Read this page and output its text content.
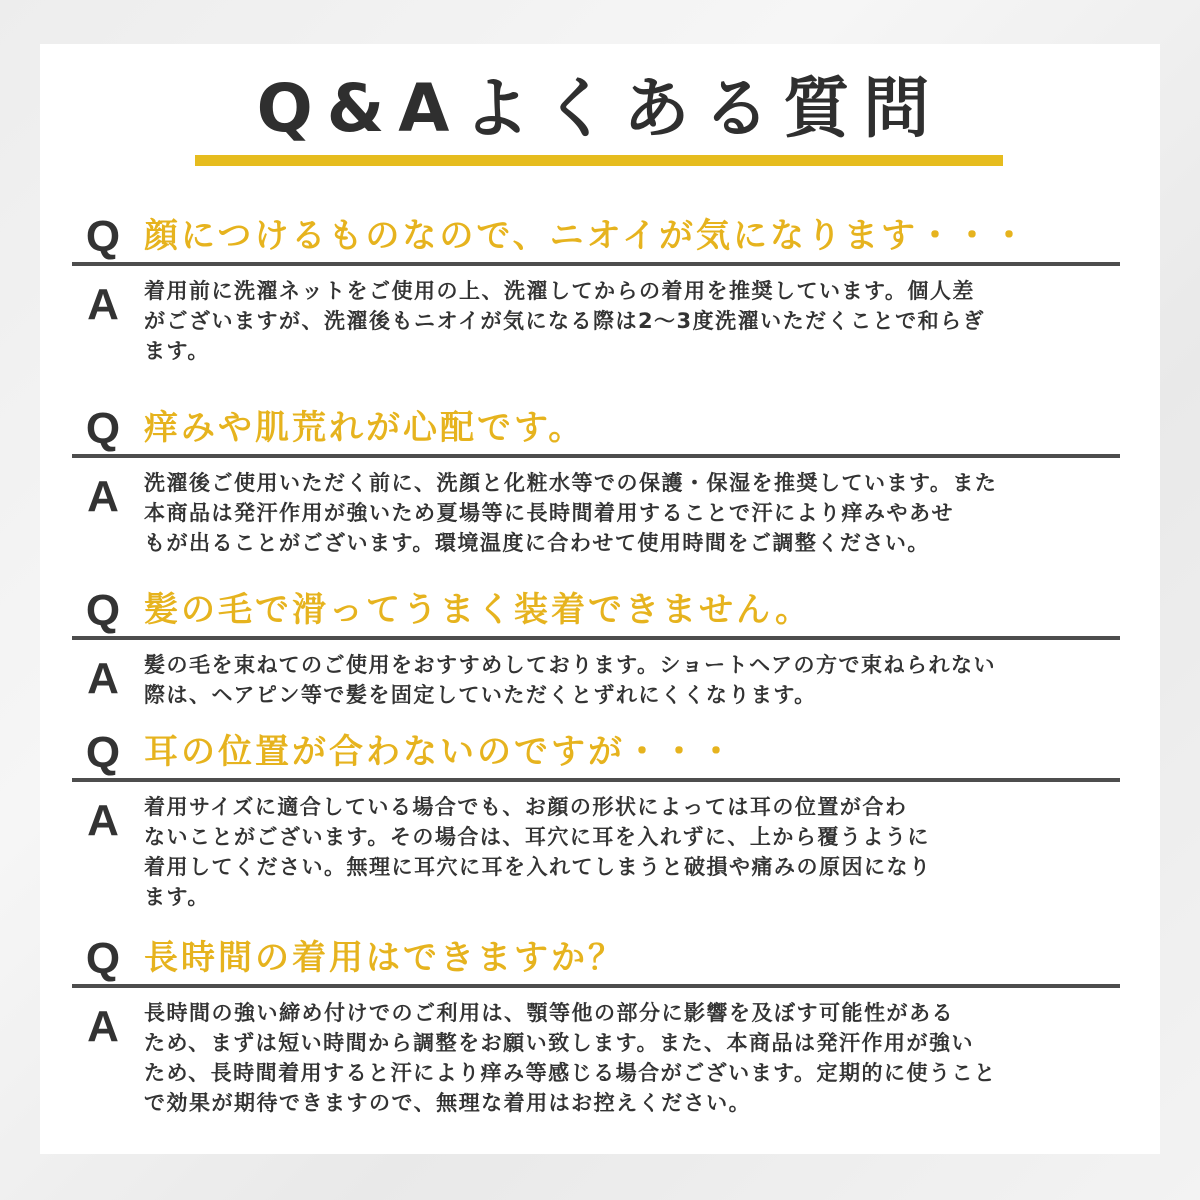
Q&Aよくある質問
Q 顔につけるものなので、ニオイが気になります・・・
A	着用前に洗濯ネットをご使用の上、洗濯してからの着用を推奨しています。個人差
がございますが、洗濯後もニオイが気になる際は2～3度洗濯いただくことで和らぎ
ます。

Q 痒みや肌荒れが心配です。
A	洗濯後ご使用いただく前に、洗顔と化粧水等での保護・保湿を推奨しています。また
本商品は発汗作用が強いため夏場等に長時間着用することで汗により痒みやあせ
もが出ることがございます。環境温度に合わせて使用時間をご調整ください。

Q 髪の毛で滑ってうまく装着できません。
A	髪の毛を束ねてのご使用をおすすめしております。ショートヘアの方で束ねられない
際は、ヘアピン等で髪を固定していただくとずれにくくなります。

Q 耳の位置が合わないのですが・・・
A	着用サイズに適合している場合でも、お顔の形状によっては耳の位置が合わ
ないことがございます。その場合は、耳穴に耳を入れずに、上から覆うように
着用してください。無理に耳穴に耳を入れてしまうと破損や痛みの原因になり
ます。

Q 長時間の着用はできますか？
A	長時間の強い締め付けでのご利用は、顎等他の部分に影響を及ぼす可能性がある
ため、まずは短い時間から調整をお願い致します。また、本商品は発汗作用が強い
ため、長時間着用すると汗により痒み等感じる場合がございます。定期的に使うこと
で効果が期待できますので、無理な着用はお控えください。
